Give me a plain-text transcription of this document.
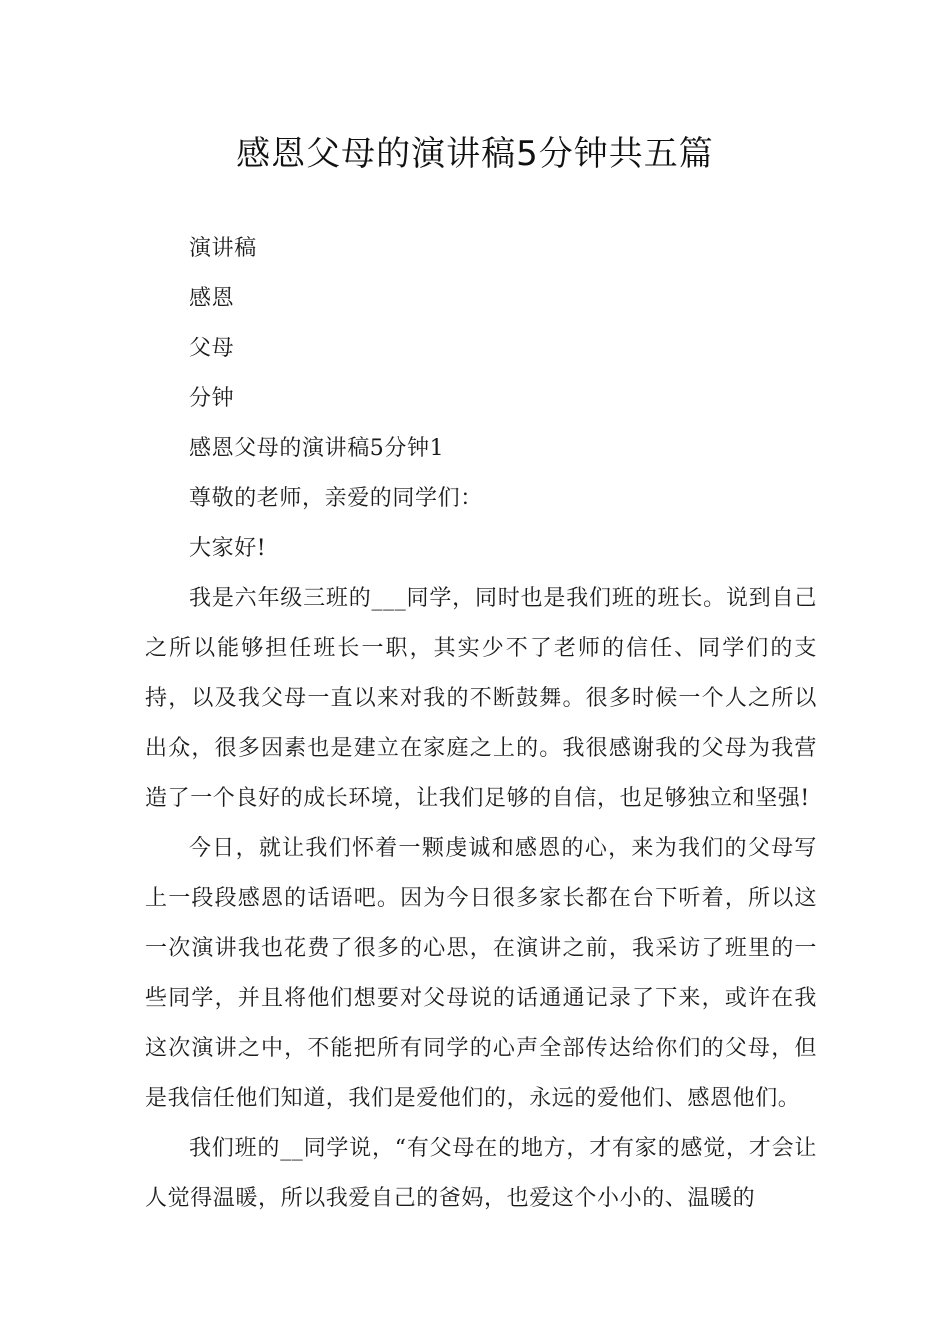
感恩父母的演讲稿5分钟共五篇

演讲稿

感恩

父母

分钟

感恩父母的演讲稿5分钟1

尊敬的老师，亲爱的同学们：

大家好!

我是六年级三班的___同学，同时也是我们班的班长。说到自己之所以能够担任班长一职，其实少不了老师的信任、同学们的支持，以及我父母一直以来对我的不断鼓舞。很多时候一个人之所以出众，很多因素也是建立在家庭之上的。我很感谢我的父母为我营造了一个良好的成长环境，让我们足够的自信，也足够独立和坚强!

今日，就让我们怀着一颗虔诚和感恩的心，来为我们的父母写上一段段感恩的话语吧。因为今日很多家长都在台下听着，所以这一次演讲我也花费了很多的心思，在演讲之前，我采访了班里的一些同学，并且将他们想要对父母说的话通通记录了下来，或许在我这次演讲之中，不能把所有同学的心声全部传达给你们的父母，但是我信任他们知道，我们是爱他们的，永远的爱他们、感恩他们。

我们班的__同学说，“有父母在的地方，才有家的感觉，才会让人觉得温暖，所以我爱自己的爸妈，也爱这个小小的、温暖的
